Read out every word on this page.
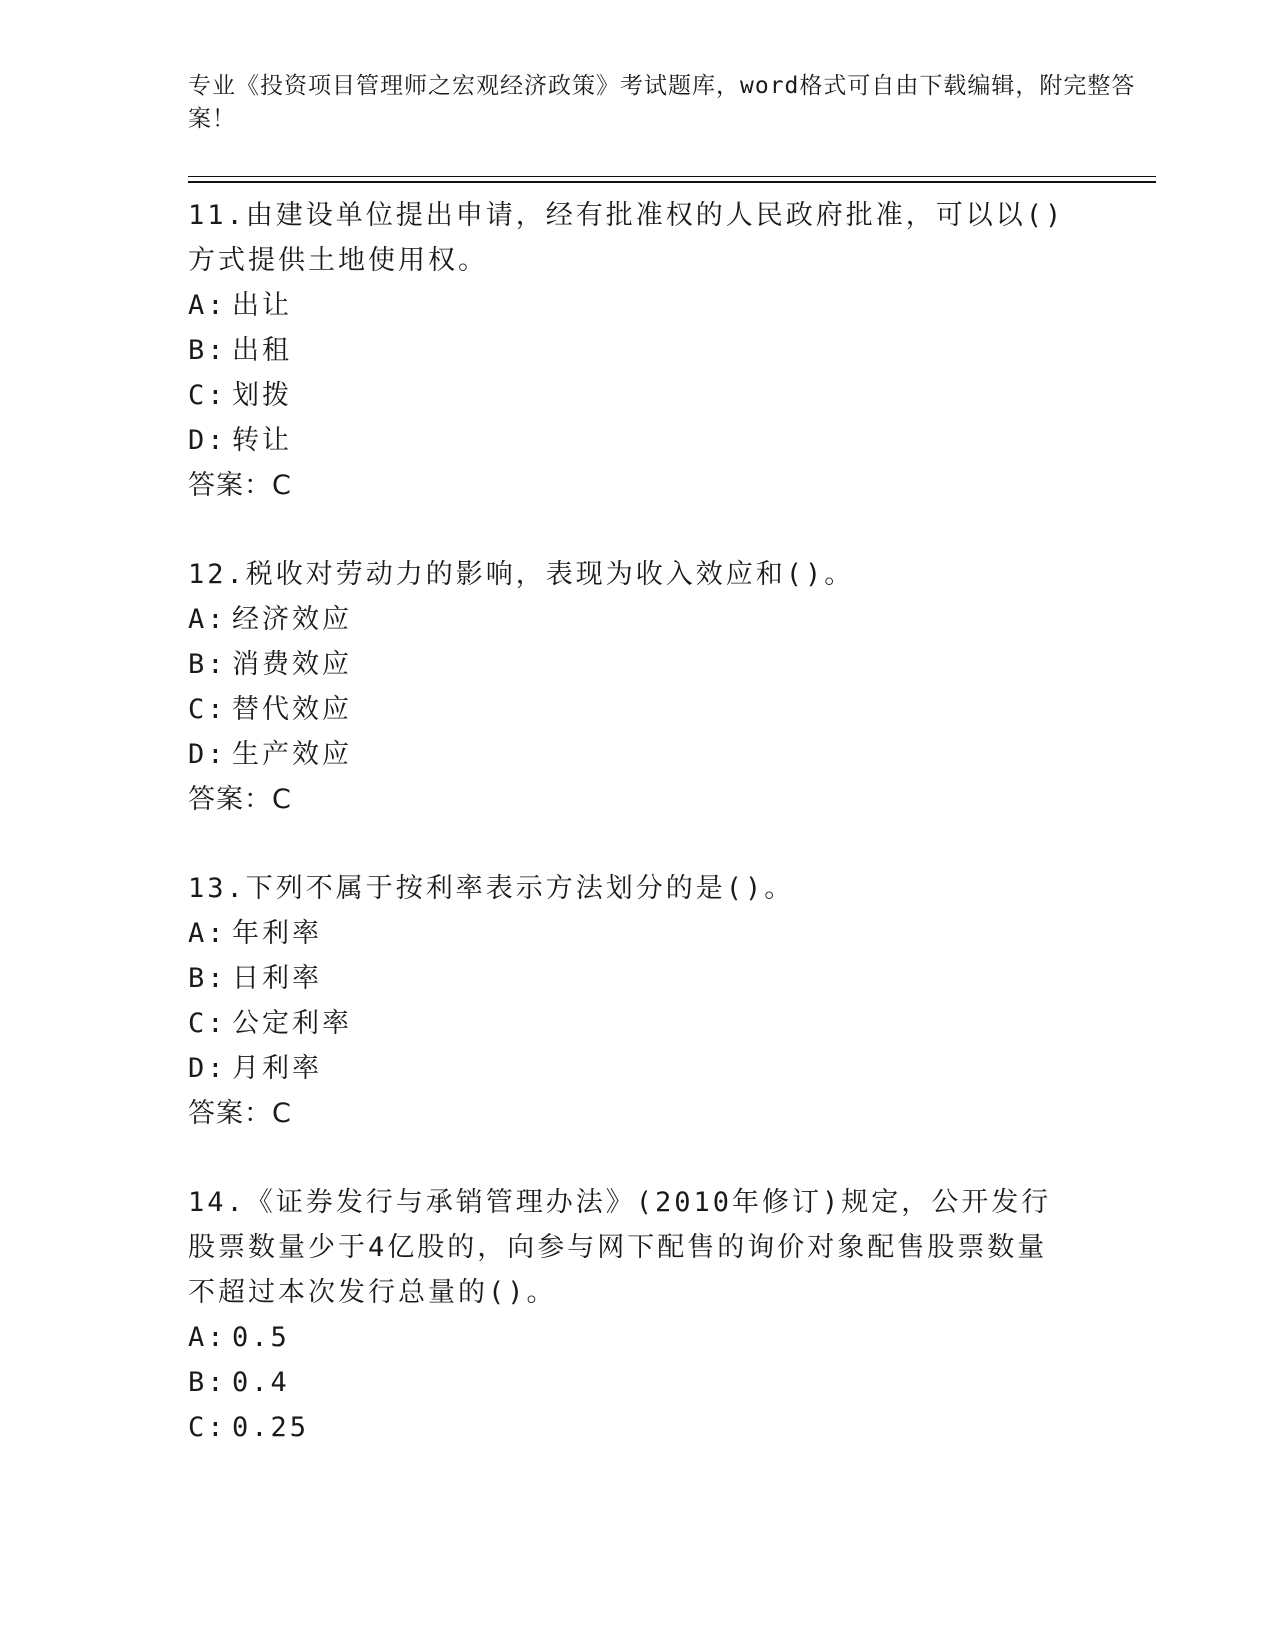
专业《投资项目管理师之宏观经济政策》考试题库，word格式可自由下载编辑，附完整答案！

11.由建设单位提出申请，经有批准权的人民政府批准，可以以()方式提供土地使用权。

A: 出让

B: 出租

C: 划拨

D: 转让

答案：C

12.税收对劳动力的影响，表现为收入效应和()。

A: 经济效应

B: 消费效应

C: 替代效应

D: 生产效应

答案：C

13.下列不属于按利率表示方法划分的是()。

A: 年利率

B: 日利率

C: 公定利率

D: 月利率

答案：C

14.《证券发行与承销管理办法》(2010年修订)规定，公开发行股票数量少于4亿股的，向参与网下配售的询价对象配售股票数量不超过本次发行总量的()。

A: 0.5

B: 0.4

C: 0.25
